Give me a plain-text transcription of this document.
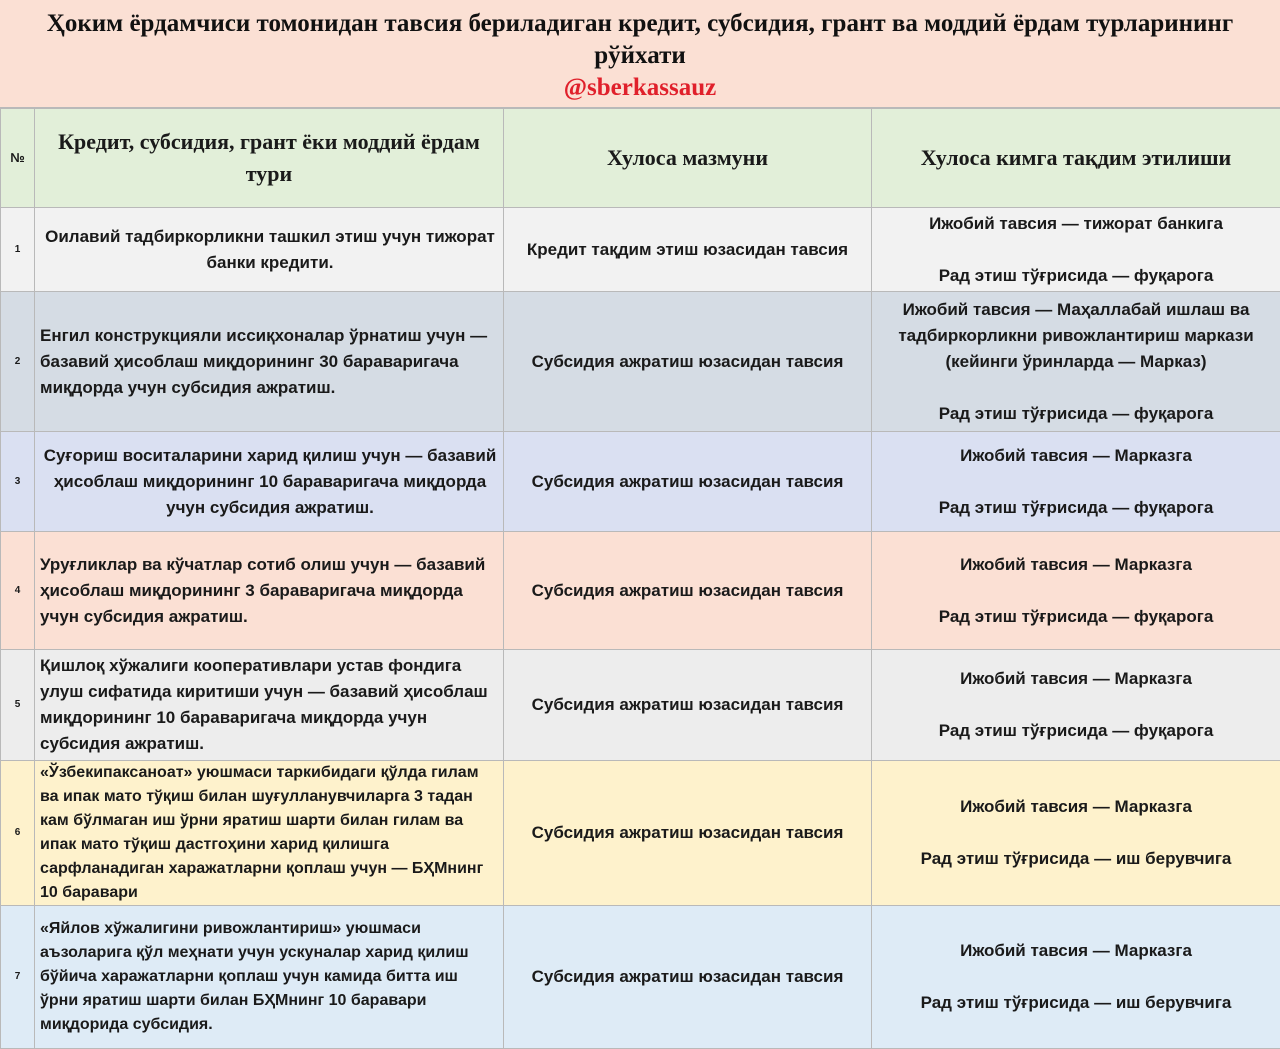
Ҳоким ёрдамчиси томонидан тавсия бериладиган кредит, субсидия, грант ва моддий ёрдам турларининг рўйхати
@sberkassauz
№	Кредит, субсидия, грант ёки моддий ёрдам тури	Хулоса мазмуни	Хулоса кимга тақдим этилиши
1	Оилавий тадбиркорликни ташкил этиш учун тижорат банки кредити.	Кредит тақдим этиш юзасидан тавсия	Ижобий тавсия — тижорат банкига
Рад этиш тўғрисида — фуқарога
2	Енгил конструкцияли иссиқхоналар ўрнатиш учун — базавий ҳисоблаш миқдорининг 30 бараваригача миқдорда учун субсидия ажратиш.	Субсидия ажратиш юзасидан тавсия	Ижобий тавсия — Маҳаллабай ишлаш ва тадбиркорликни ривожлантириш маркази (кейинги ўринларда — Марказ)
Рад этиш тўғрисида — фуқарога
3	Суғориш воситаларини харид қилиш учун — базавий ҳисоблаш миқдорининг 10 бараваригача миқдорда учун субсидия ажратиш.	Субсидия ажратиш юзасидан тавсия	Ижобий тавсия — Марказга
Рад этиш тўғрисида — фуқарога
4	Уруғликлар ва кўчатлар сотиб олиш учун — базавий ҳисоблаш миқдорининг 3 бараваригача миқдорда учун субсидия ажратиш.	Субсидия ажратиш юзасидан тавсия	Ижобий тавсия — Марказга
Рад этиш тўғрисида — фуқарога
5	Қишлоқ хўжалиги кооперативлари устав фондига улуш сифатида киритиши учун — базавий ҳисоблаш миқдорининг 10 бараваригача миқдорда учун субсидия ажратиш.	Субсидия ажратиш юзасидан тавсия	Ижобий тавсия — Марказга
Рад этиш тўғрисида — фуқарога
6	«Ўзбекипаксаноат» уюшмаси таркибидаги қўлда гилам ва ипак мато тўқиш билан шуғулланувчиларга 3 тадан кам бўлмаган иш ўрни яратиш шарти билан гилам ва ипак мато тўқиш дастгоҳини харид қилишга сарфланадиган харажатларни қоплаш учун — БҲМнинг 10 баравари	Субсидия ажратиш юзасидан тавсия	Ижобий тавсия — Марказга
Рад этиш тўғрисида — иш берувчига
7	«Яйлов хўжалигини ривожлантириш» уюшмаси аъзоларига қўл меҳнати учун ускуналар харид қилиш бўйича харажатларни қоплаш учун камида битта иш ўрни яратиш шарти билан БҲМнинг 10 баравари миқдорида субсидия.	Субсидия ажратиш юзасидан тавсия	Ижобий тавсия — Марказга
Рад этиш тўғрисида — иш берувчига
